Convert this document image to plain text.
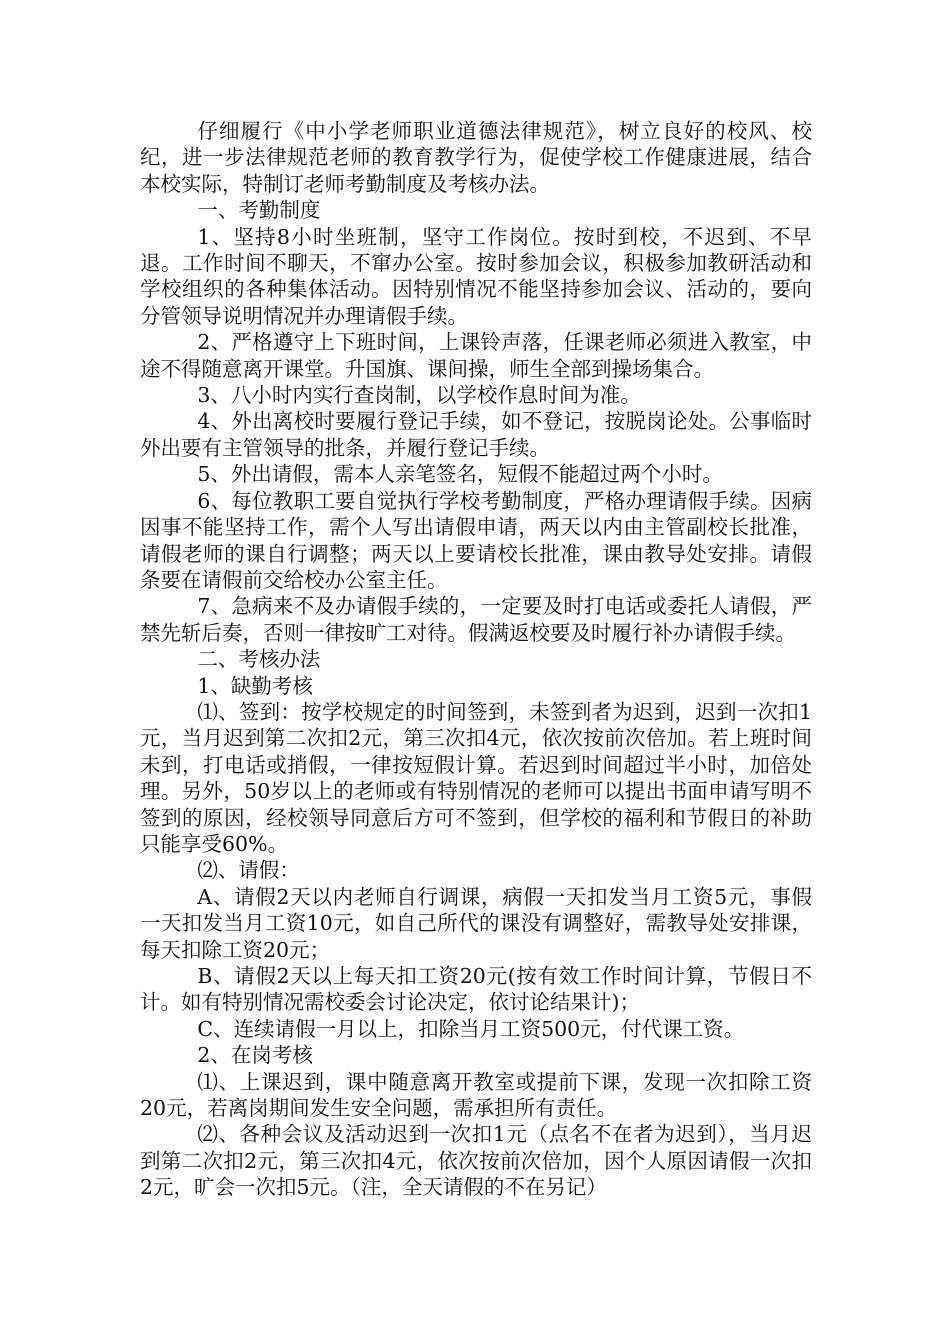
仔细履行《中小学老师职业道德法律规范》，树立良好的校风、校纪，进一步法律规范老师的教育教学行为，促使学校工作健康进展，结合本校实际，特制订老师考勤制度及考核办法。

一、考勤制度

1、坚持8小时坐班制，坚守工作岗位。按时到校，不迟到、不早退。工作时间不聊天，不窜办公室。按时参加会议，积极参加教研活动和学校组织的各种集体活动。因特别情况不能坚持参加会议、活动的，要向分管领导说明情况并办理请假手续。

2、严格遵守上下班时间，上课铃声落，任课老师必须进入教室，中途不得随意离开课堂。升国旗、课间操，师生全部到操场集合。

3、八小时内实行查岗制，以学校作息时间为准。

4、外出离校时要履行登记手续，如不登记，按脱岗论处。公事临时外出要有主管领导的批条，并履行登记手续。

5、外出请假，需本人亲笔签名，短假不能超过两个小时。

6、每位教职工要自觉执行学校考勤制度，严格办理请假手续。因病因事不能坚持工作，需个人写出请假申请，两天以内由主管副校长批准，请假老师的课自行调整；两天以上要请校长批准，课由教导处安排。请假条要在请假前交给校办公室主任。

7、急病来不及办请假手续的，一定要及时打电话或委托人请假，严禁先斩后奏，否则一律按旷工对待。假满返校要及时履行补办请假手续。

二、考核办法

1、缺勤考核

⑴、签到：按学校规定的时间签到，未签到者为迟到，迟到一次扣1元，当月迟到第二次扣2元，第三次扣4元，依次按前次倍加。若上班时间未到，打电话或捎假，一律按短假计算。若迟到时间超过半小时，加倍处理。另外，50岁以上的老师或有特别情况的老师可以提出书面申请写明不签到的原因，经校领导同意后方可不签到，但学校的福利和节假日的补助只能享受60%。

⑵、请假：

A、请假2天以内老师自行调课，病假一天扣发当月工资5元，事假一天扣发当月工资10元，如自己所代的课没有调整好，需教导处安排课，每天扣除工资20元；

B、请假2天以上每天扣工资20元(按有效工作时间计算，节假日不计。如有特别情况需校委会讨论决定，依讨论结果计)；

C、连续请假一月以上，扣除当月工资500元，付代课工资。

2、在岗考核

⑴、上课迟到，课中随意离开教室或提前下课，发现一次扣除工资20元，若离岗期间发生安全问题，需承担所有责任。

⑵、各种会议及活动迟到一次扣1元（点名不在者为迟到），当月迟到第二次扣2元，第三次扣4元，依次按前次倍加，因个人原因请假一次扣2元，旷会一次扣5元。（注，全天请假的不在另记）
